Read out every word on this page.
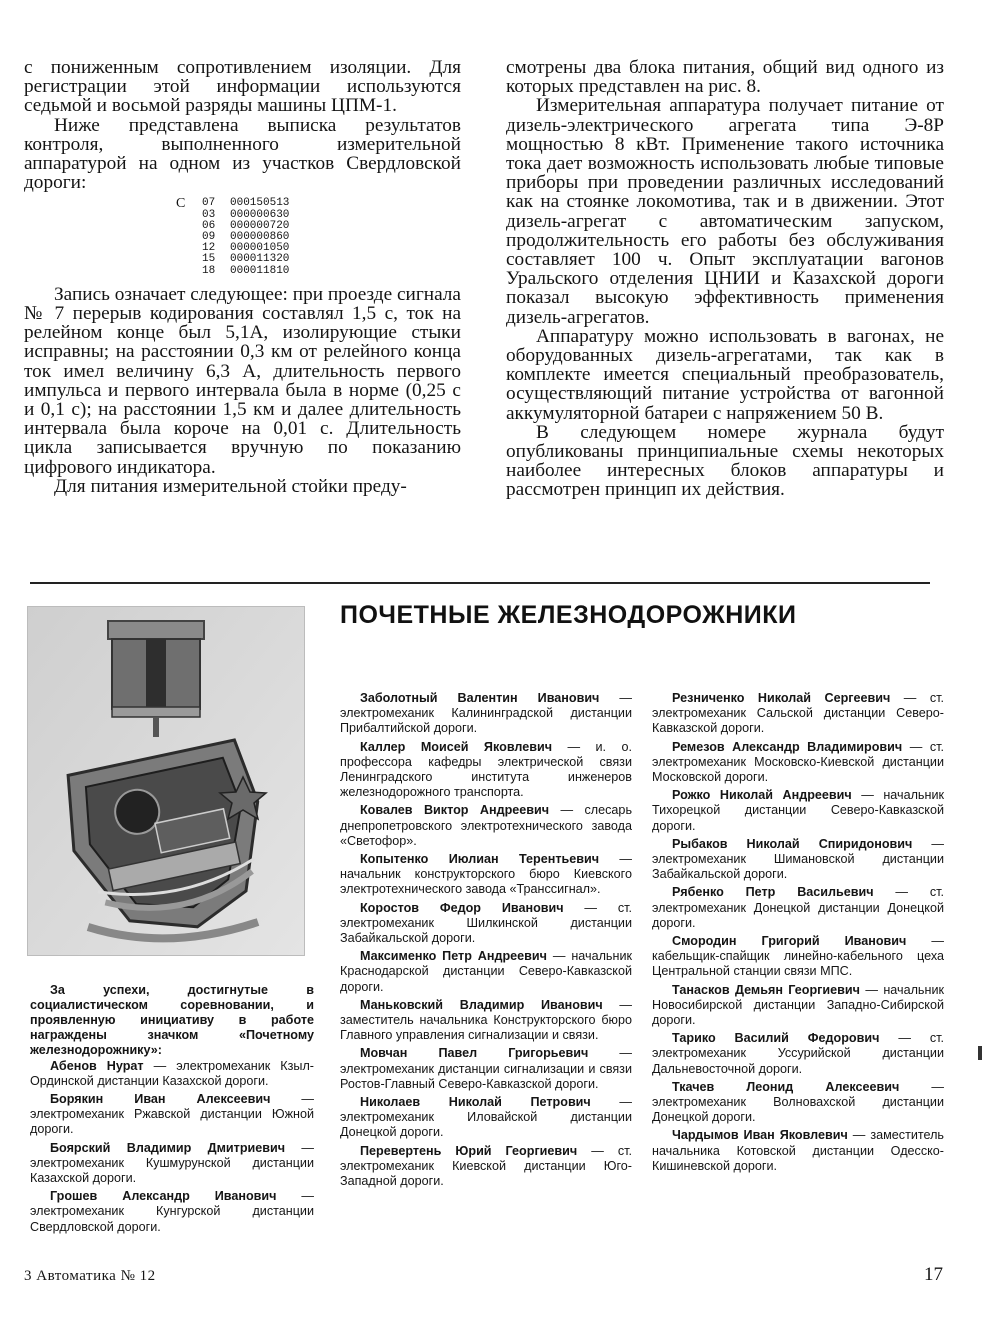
с пониженным сопротивлением изоляции. Для регистрации этой информации используются седьмой и восьмой разряды машины ЦПМ-1.

Ниже представлена выписка результатов контроля, выполненного измерительной аппаратурой на одном из участков Свердловской дороги:

С	07	000150513
03	000000630
06	000000720
09	000000860
12	000001050
15	000011320
18	000011810

Запись означает следующее: при проезде сигнала № 7 перерыв кодирования составлял 1,5 с, ток на релейном конце был 5,1А, изолирующие стыки исправны; на расстоянии 0,3 км от релейного конца ток имел величину 6,3 А, длительность первого импульса и первого интервала была в норме (0,25 с и 0,1 с); на расстоянии 1,5 км и далее длительность интервала была короче на 0,01 с. Длительность цикла записывается вручную по показанию цифрового индикатора.

Для питания измерительной стойки преду-

смотрены два блока питания, общий вид одного из которых представлен на рис. 8.

Измерительная аппаратура получает питание от дизель-электрического агрегата типа Э-8Р мощностью 8 кВт. Применение такого источника тока дает возможность использовать любые типовые приборы при проведении различных исследований как на стоянке локомотива, так и в движении. Этот дизель-агрегат с автоматическим запуском, продолжительность его работы без обслуживания составляет 100 ч. Опыт эксплуатации вагонов Уральского отделения ЦНИИ и Казахской дороги показал высокую эффективность применения дизель-агрегатов.

Аппаратуру можно использовать в вагонах, не оборудованных дизель-агрегатами, так как в комплекте имеется специальный преобразователь, осуществляющий питание устройства от вагонной аккумуляторной батареи с напряжением 50 В.

В следующем номере журнала будут опубликованы принципиальные схемы некоторых наиболее интересных блоков аппаратуры и рассмотрен принцип их действия.

ПОЧЕТНЫЕ ЖЕЛЕЗНОДОРОЖНИКИ

За успехи, достигнутые в социалистическом соревновании, и проявленную инициативу в работе награждены значком «Почетному железнодорожнику»:

Абенов Нурат — электромеханик Кзыл-Ординской дистанции Казахской дороги.

Борякин Иван Алексеевич — электромеханик Ржавской дистанции Южной дороги.

Боярский Владимир Дмитриевич — электромеханик Кушмурунской дистанции Казахской дороги.

Грошев Александр Иванович — электромеханик Кунгурской дистанции Свердловской дороги.

Заболотный Валентин Иванович — электромеханик Калининградской дистанции Прибалтийской дороги.

Каллер Моисей Яковлевич — и. о. профессора кафедры электрической связи Ленинградского института инженеров железнодорожного транспорта.

Ковалев Виктор Андреевич — слесарь днепропетровского электротехнического завода «Светофор».

Копытенко Июлиан Терентьевич — начальник конструкторского бюро Киевского электротехнического завода «Транссигнал».

Коростов Федор Иванович — ст. электромеханик Шилкинской дистанции Забайкальской дороги.

Максименко Петр Андреевич — начальник Краснодарской дистанции Северо-Кавказской дороги.

Маньковский Владимир Иванович — заместитель начальника Конструкторского бюро Главного управления сигнализации и связи.

Мовчан Павел Григорьевич — электромеханик дистанции сигнализации и связи Ростов-Главный Северо-Кавказской дороги.

Николаев Николай Петрович — электромеханик Иловайской дистанции Донецкой дороги.

Перевертень Юрий Георгиевич — ст. электромеханик Киевской дистанции Юго-Западной дороги.

Резниченко Николай Сергеевич — ст. электромеханик Сальской дистанции Северо-Кавказской дороги.

Ремезов Александр Владимирович — ст. электромеханик Московско-Киевской дистанции Московской дороги.

Рожко Николай Андреевич — начальник Тихорецкой дистанции Северо-Кавказской дороги.

Рыбаков Николай Спиридонович — электромеханик Шимановской дистанции Забайкальской дороги.

Рябенко Петр Васильевич — ст. электромеханик Донецкой дистанции Донецкой дороги.

Смородин Григорий Иванович — кабельщик-спайщик линейно-кабельного цеха Центральной станции связи МПС.

Танасков Демьян Георгиевич — начальник Новосибирской дистанции Западно-Сибирской дороги.

Тарико Василий Федорович — ст. электромеханик Уссурийской дистанции Дальневосточной дороги.

Ткачев Леонид Алексеевич — электромеханик Волновахской дистанции Донецкой дороги.

Чардымов Иван Яковлевич — заместитель начальника Котовской дистанции Одесско-Кишиневской дороги.

3 Автоматика № 12	17
